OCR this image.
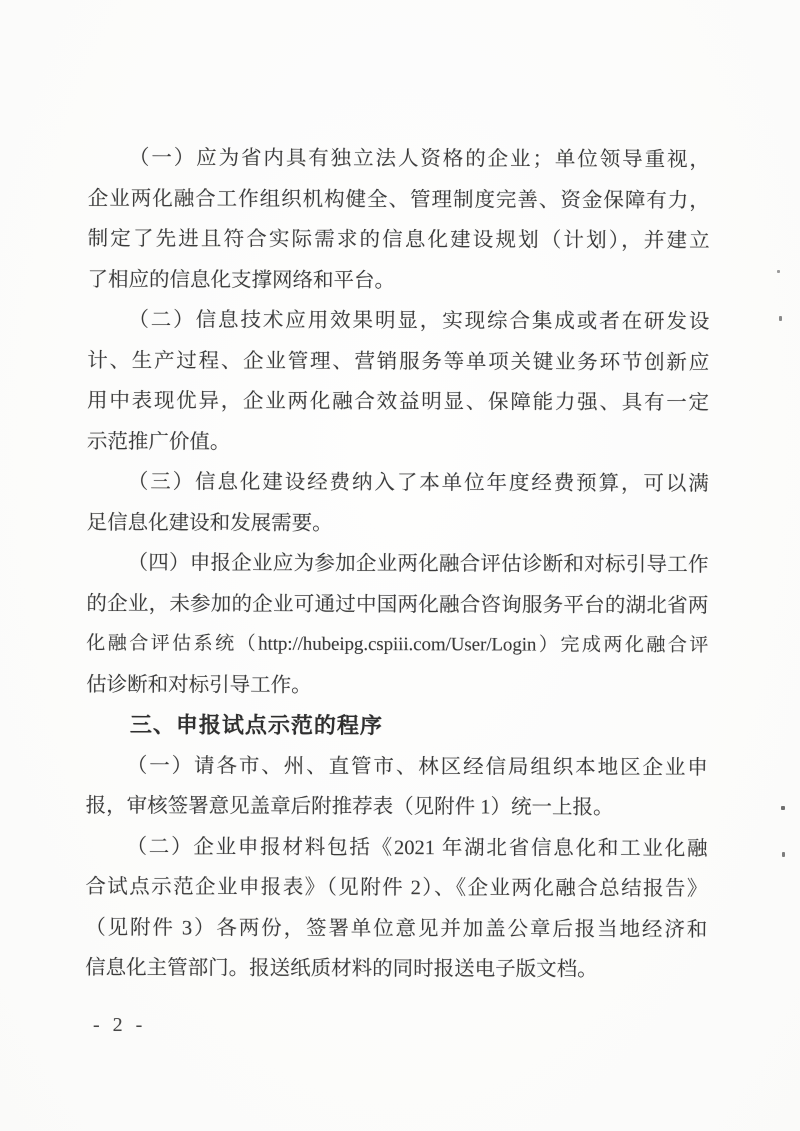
（一）应为省内具有独立法人资格的企业；单位领导重视，
企业两化融合工作组织机构健全、管理制度完善、资金保障有力，
制定了先进且符合实际需求的信息化建设规划（计划），并建立
了相应的信息化支撑网络和平台。
（二）信息技术应用效果明显，实现综合集成或者在研发设
计、生产过程、企业管理、营销服务等单项关键业务环节创新应
用中表现优异，企业两化融合效益明显、保障能力强、具有一定
示范推广价值。
（三）信息化建设经费纳入了本单位年度经费预算，可以满
足信息化建设和发展需要。
（四）申报企业应为参加企业两化融合评估诊断和对标引导工作
的企业，未参加的企业可通过中国两化融合咨询服务平台的湖北省两
化融合评估系统（http://hubeipg.cspiii.com/User/Login）完成两化融合评
估诊断和对标引导工作。
三、申报试点示范的程序
（一）请各市、州、直管市、林区经信局组织本地区企业申
报，审核签署意见盖章后附推荐表（见附件 1）统一上报。
（二）企业申报材料包括《2021 年湖北省信息化和工业化融
合试点示范企业申报表》（见附件 2）、《企业两化融合总结报告》
（见附件 3）各两份，签署单位意见并加盖公章后报当地经济和
信息化主管部门。报送纸质材料的同时报送电子版文档。
- 2 -
